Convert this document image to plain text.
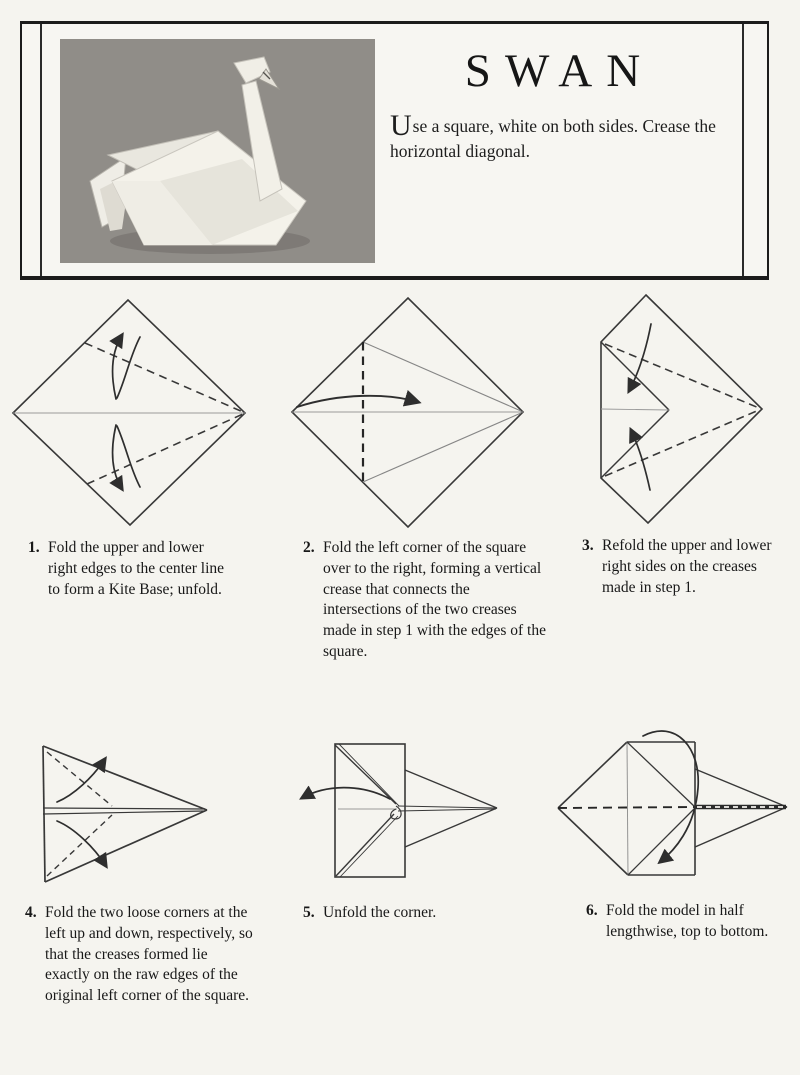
SWAN
Use a square, white on both sides. Crease the horizontal diagonal.
1. Fold the upper and lower right edges to the center line to form a Kite Base; unfold.
2. Fold the left corner of the square over to the right, forming a vertical crease that connects the intersections of the two creases made in step 1 with the edges of the square.
3. Refold the upper and lower right sides on the creases made in step 1.
4. Fold the two loose corners at the left up and down, respectively, so that the creases formed lie exactly on the raw edges of the original left corner of the square.
5. Unfold the corner.	6. Fold the model in half lengthwise, top to bottom.
